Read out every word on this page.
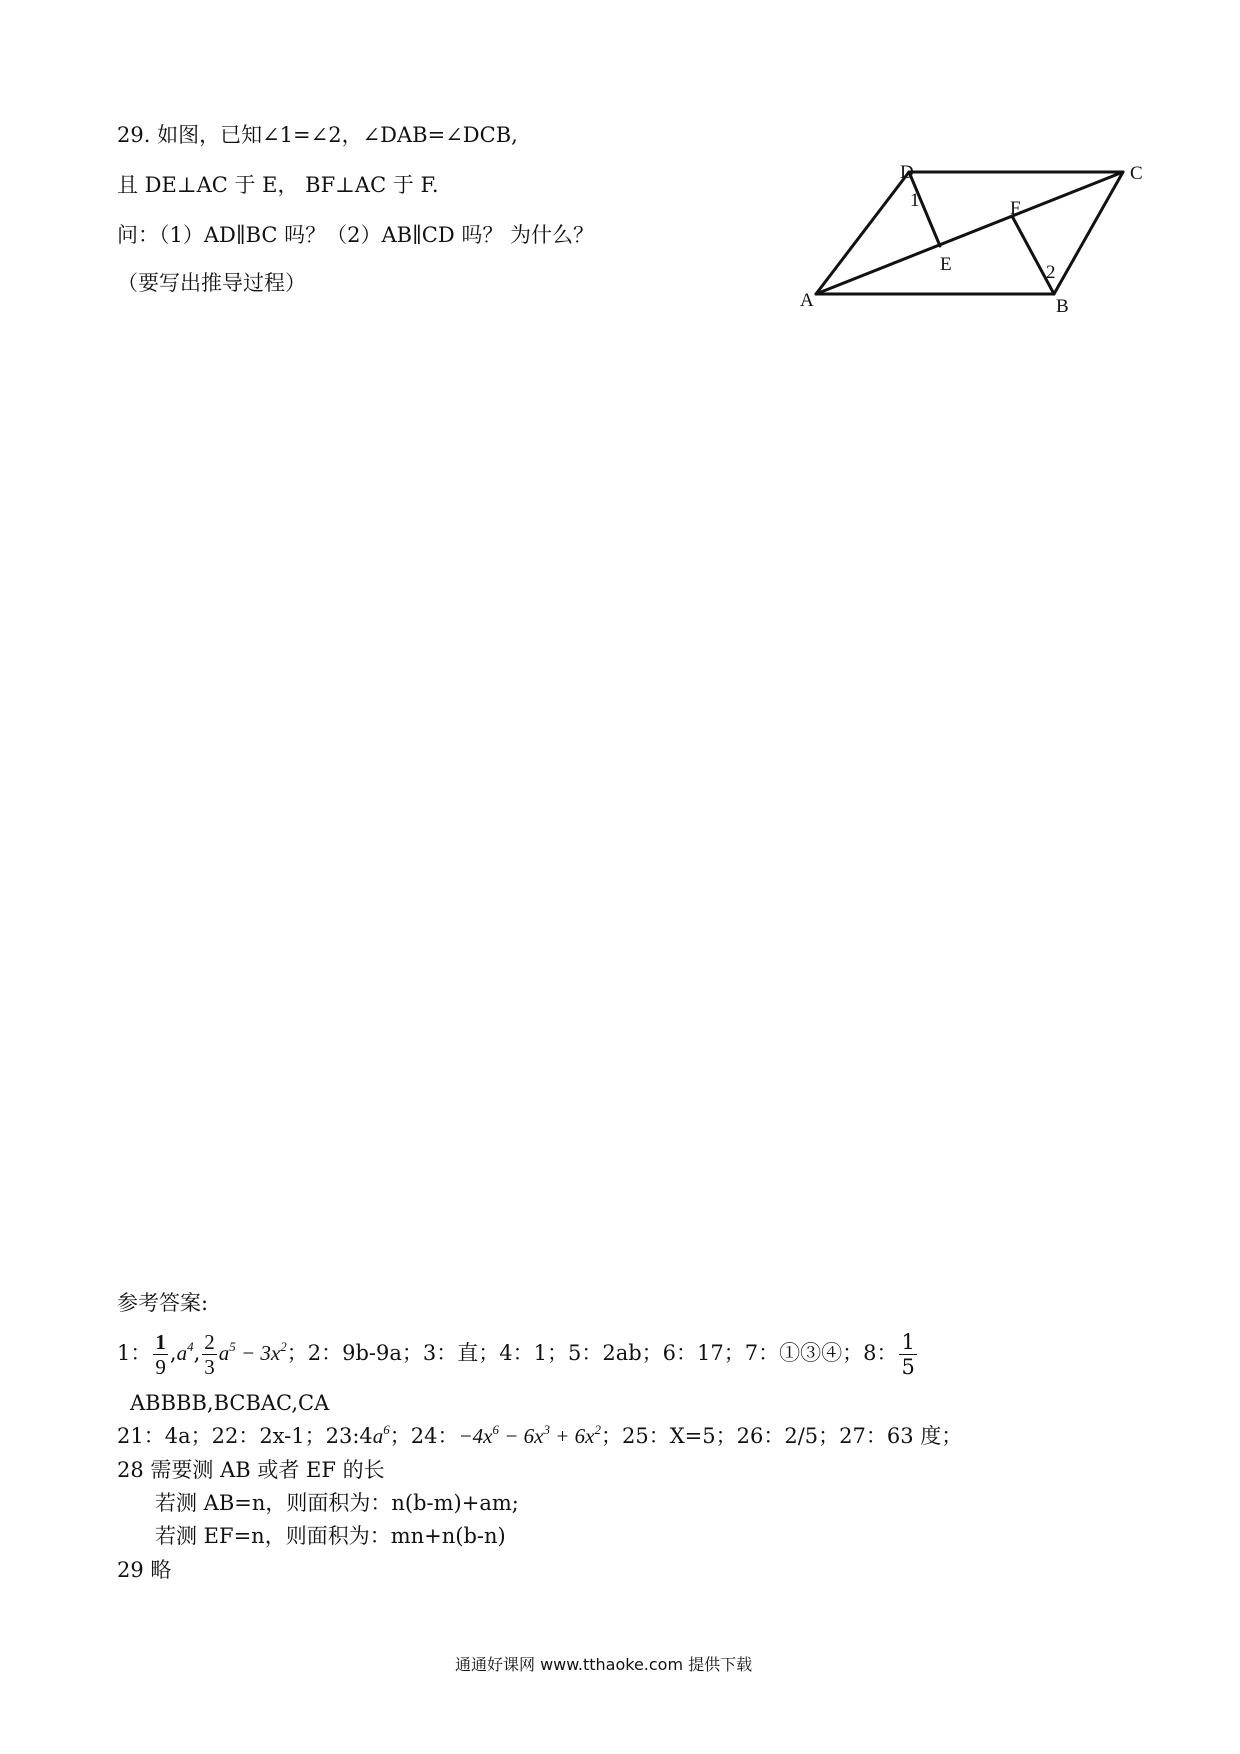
29. 如图，已知∠1=∠2，∠DAB=∠DCB,
且 DE⊥AC 于 E， BF⊥AC 于 F.
问：（1）AD∥BC 吗？（2）AB∥CD 吗？ 为什么？
（要写出推导过程）
A	B
C
D
E
F
1
2
参考答案:
1： $\frac{1}{9} ,a^4$, $\frac{2}{3} a^5 - 3x^2$；2：9b-9a；3：直；4：1；5：2ab；6：17；7：①③④；8： $\frac{1}{5}$
ABBBB,BCBAC,CA
21：4a；22：2x-1；$23:4a^6$；24：$-4x^6 - 6x^3 + 6x^2$；25：X=5；26：2/5；27：63 度；
28 需要测 AB 或者 EF 的长
若测 AB=n，则面积为：n(b-m)+am;
若测 EF=n，则面积为：mn+n(b-n)
29 略
通通好课网 www.tthaoke.com 提供下载
